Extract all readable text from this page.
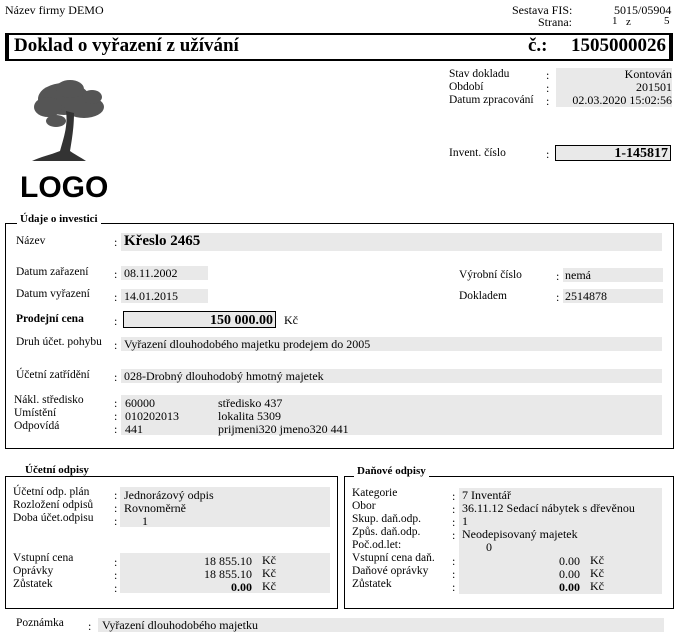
Název firmy DEMO	Sestava FIS:	5015/05904
Strana:	1 z	5
Doklad o vyřazení z užívání	č.: 1505000026
LOGO
Stav dokladu	:	Kontován
Období	:	201501
Datum zpracování :	02.03.2020 15:02:56
Invent. číslo	:	1-145817
Údaje o investici
Název	: Křeslo 2465
Datum zařazení : 08.11.2002
Datum vyřazení : 14.01.2015
Výrobní číslo	: nemá
Dokladem	: 2514878
Prodejní cena	:	150 000.00 Kč
Druh účet. pohybu : Vyřazení dlouhodobého majetku prodejem do 2005
Účetní zatřídění : 028-Drobný dlouhodobý hmotný majetek
Nákl. středisko	: 60000	středisko 437
Umístění	: 010202013	lokalita 5309
Odpovídá	: 441	prijmeni320 jmeno320 441
Účetní odpisy
Účetní odp. plán : Jednorázový odpis
Rozložení odpisů : Rovnoměrně
Doba účet.odpisu : 1
Vstupní cena	:	18 855.10 Kč
Oprávky	:	18 855.10 Kč
Zůstatek	:	0.00 Kč
Daňové odpisy
Kategorie	: 7 Inventář
Obor	: 36.11.12 Sedací nábytek s dřevěnou
Skup. daň.odp.	: 1
Způs. daň.odp.	: Neodepisovaný majetek
Poč.od.let:	0
Vstupní cena daň. :	0.00 Kč
Daňové oprávky :	0.00 Kč
Zůstatek	:	0.00 Kč
Poznámka : Vyřazení dlouhodobého majetku
